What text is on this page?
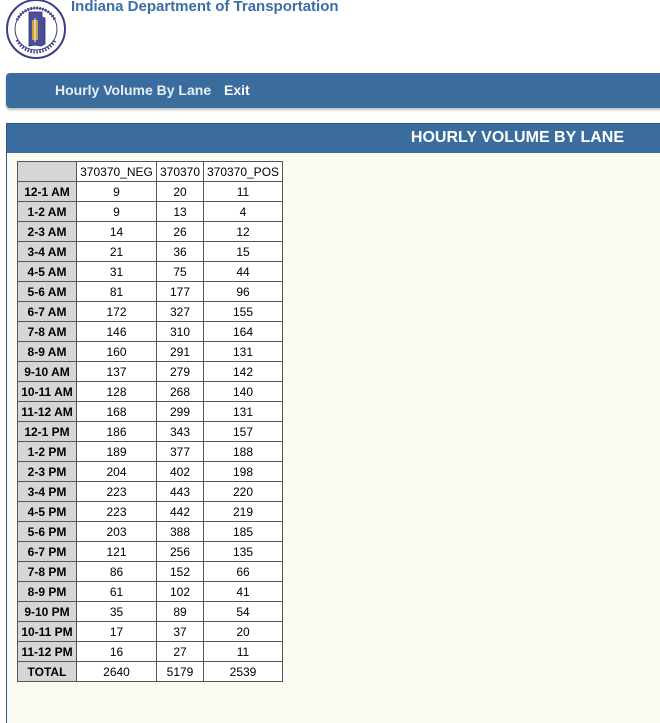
Indiana Department of Transportation
Hourly Volume By Lane Exit
HOURLY VOLUME BY LANE
	370370_NEG	370370	370370_POS
12-1 AM	9	20	11
1-2 AM	9	13	4
2-3 AM	14	26	12
3-4 AM	21	36	15
4-5 AM	31	75	44
5-6 AM	81	177	96
6-7 AM	172	327	155
7-8 AM	146	310	164
8-9 AM	160	291	131
9-10 AM	137	279	142
10-11 AM	128	268	140
11-12 AM	168	299	131
12-1 PM	186	343	157
1-2 PM	189	377	188
2-3 PM	204	402	198
3-4 PM	223	443	220
4-5 PM	223	442	219
5-6 PM	203	388	185
6-7 PM	121	256	135
7-8 PM	86	152	66
8-9 PM	61	102	41
9-10 PM	35	89	54
10-11 PM	17	37	20
11-12 PM	16	27	11
TOTAL	2640	5179	2539
